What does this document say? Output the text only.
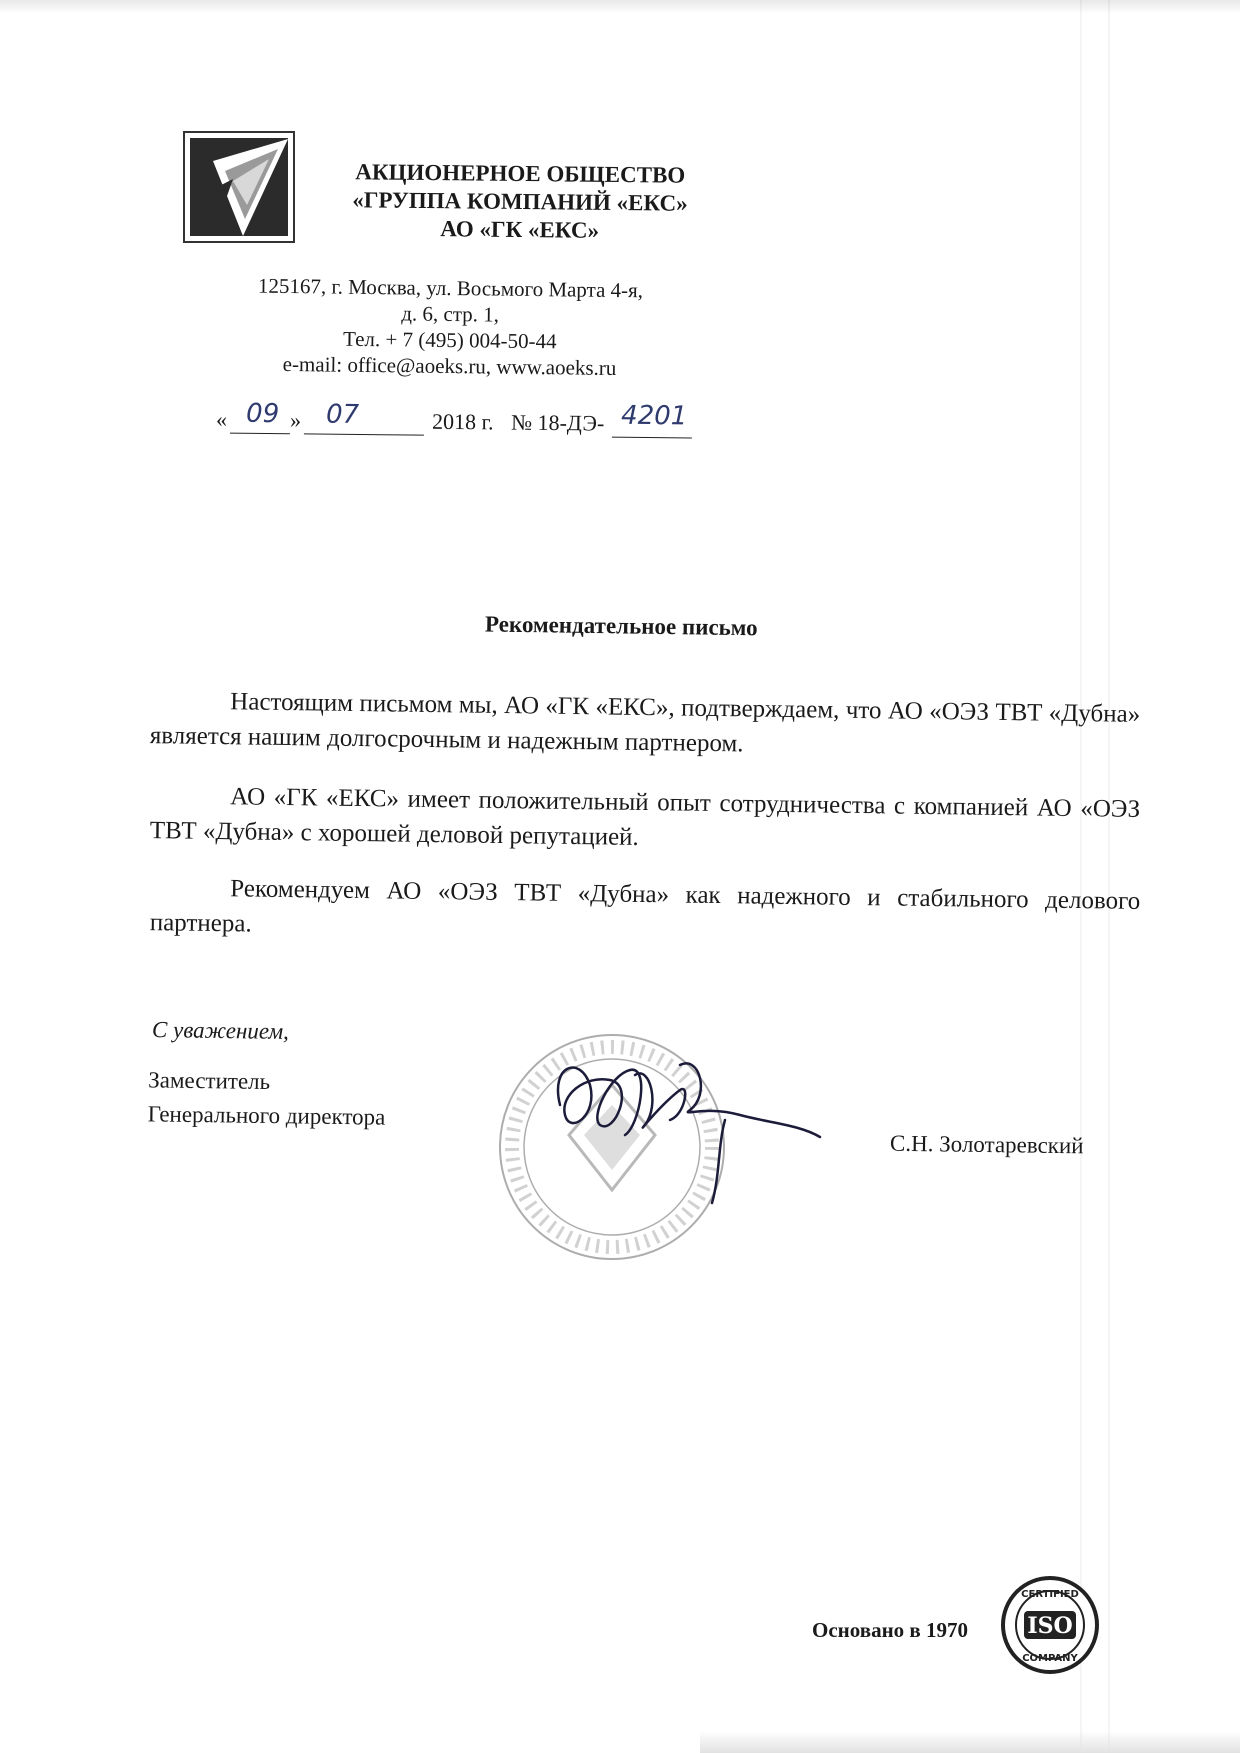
АКЦИОНЕРНОЕ ОБЩЕСТВО
«ГРУППА КОМПАНИЙ «ЕКС»
АО «ГК «ЕКС»
125167, г. Москва, ул. Восьмого Марта 4-я,
д. 6, стр. 1,
Тел. + 7 (495) 004-50-44
e-mail: office@aoeks.ru, www.aoeks.ru
« 09 » 07	2018 г. № 18-ДЭ- 4201
Рекомендательное письмо
Настоящим письмом мы, АО «ГК «ЕКС», подтверждаем, что АО «ОЭЗ ТВТ «Дубна» является нашим долгосрочным и надежным партнером.
АО «ГК «ЕКС» имеет положительный опыт сотрудничества с компанией АО «ОЭЗ ТВТ «Дубна» с хорошей деловой репутацией.
Рекомендуем АО «ОЭЗ ТВТ «Дубна» как надежного и стабильного делового партнера.
С уважением,
Заместитель
Генерального директора
С.Н. Золотаревский
Основано в 1970	ISO
CERTIFIED
COMPANY
